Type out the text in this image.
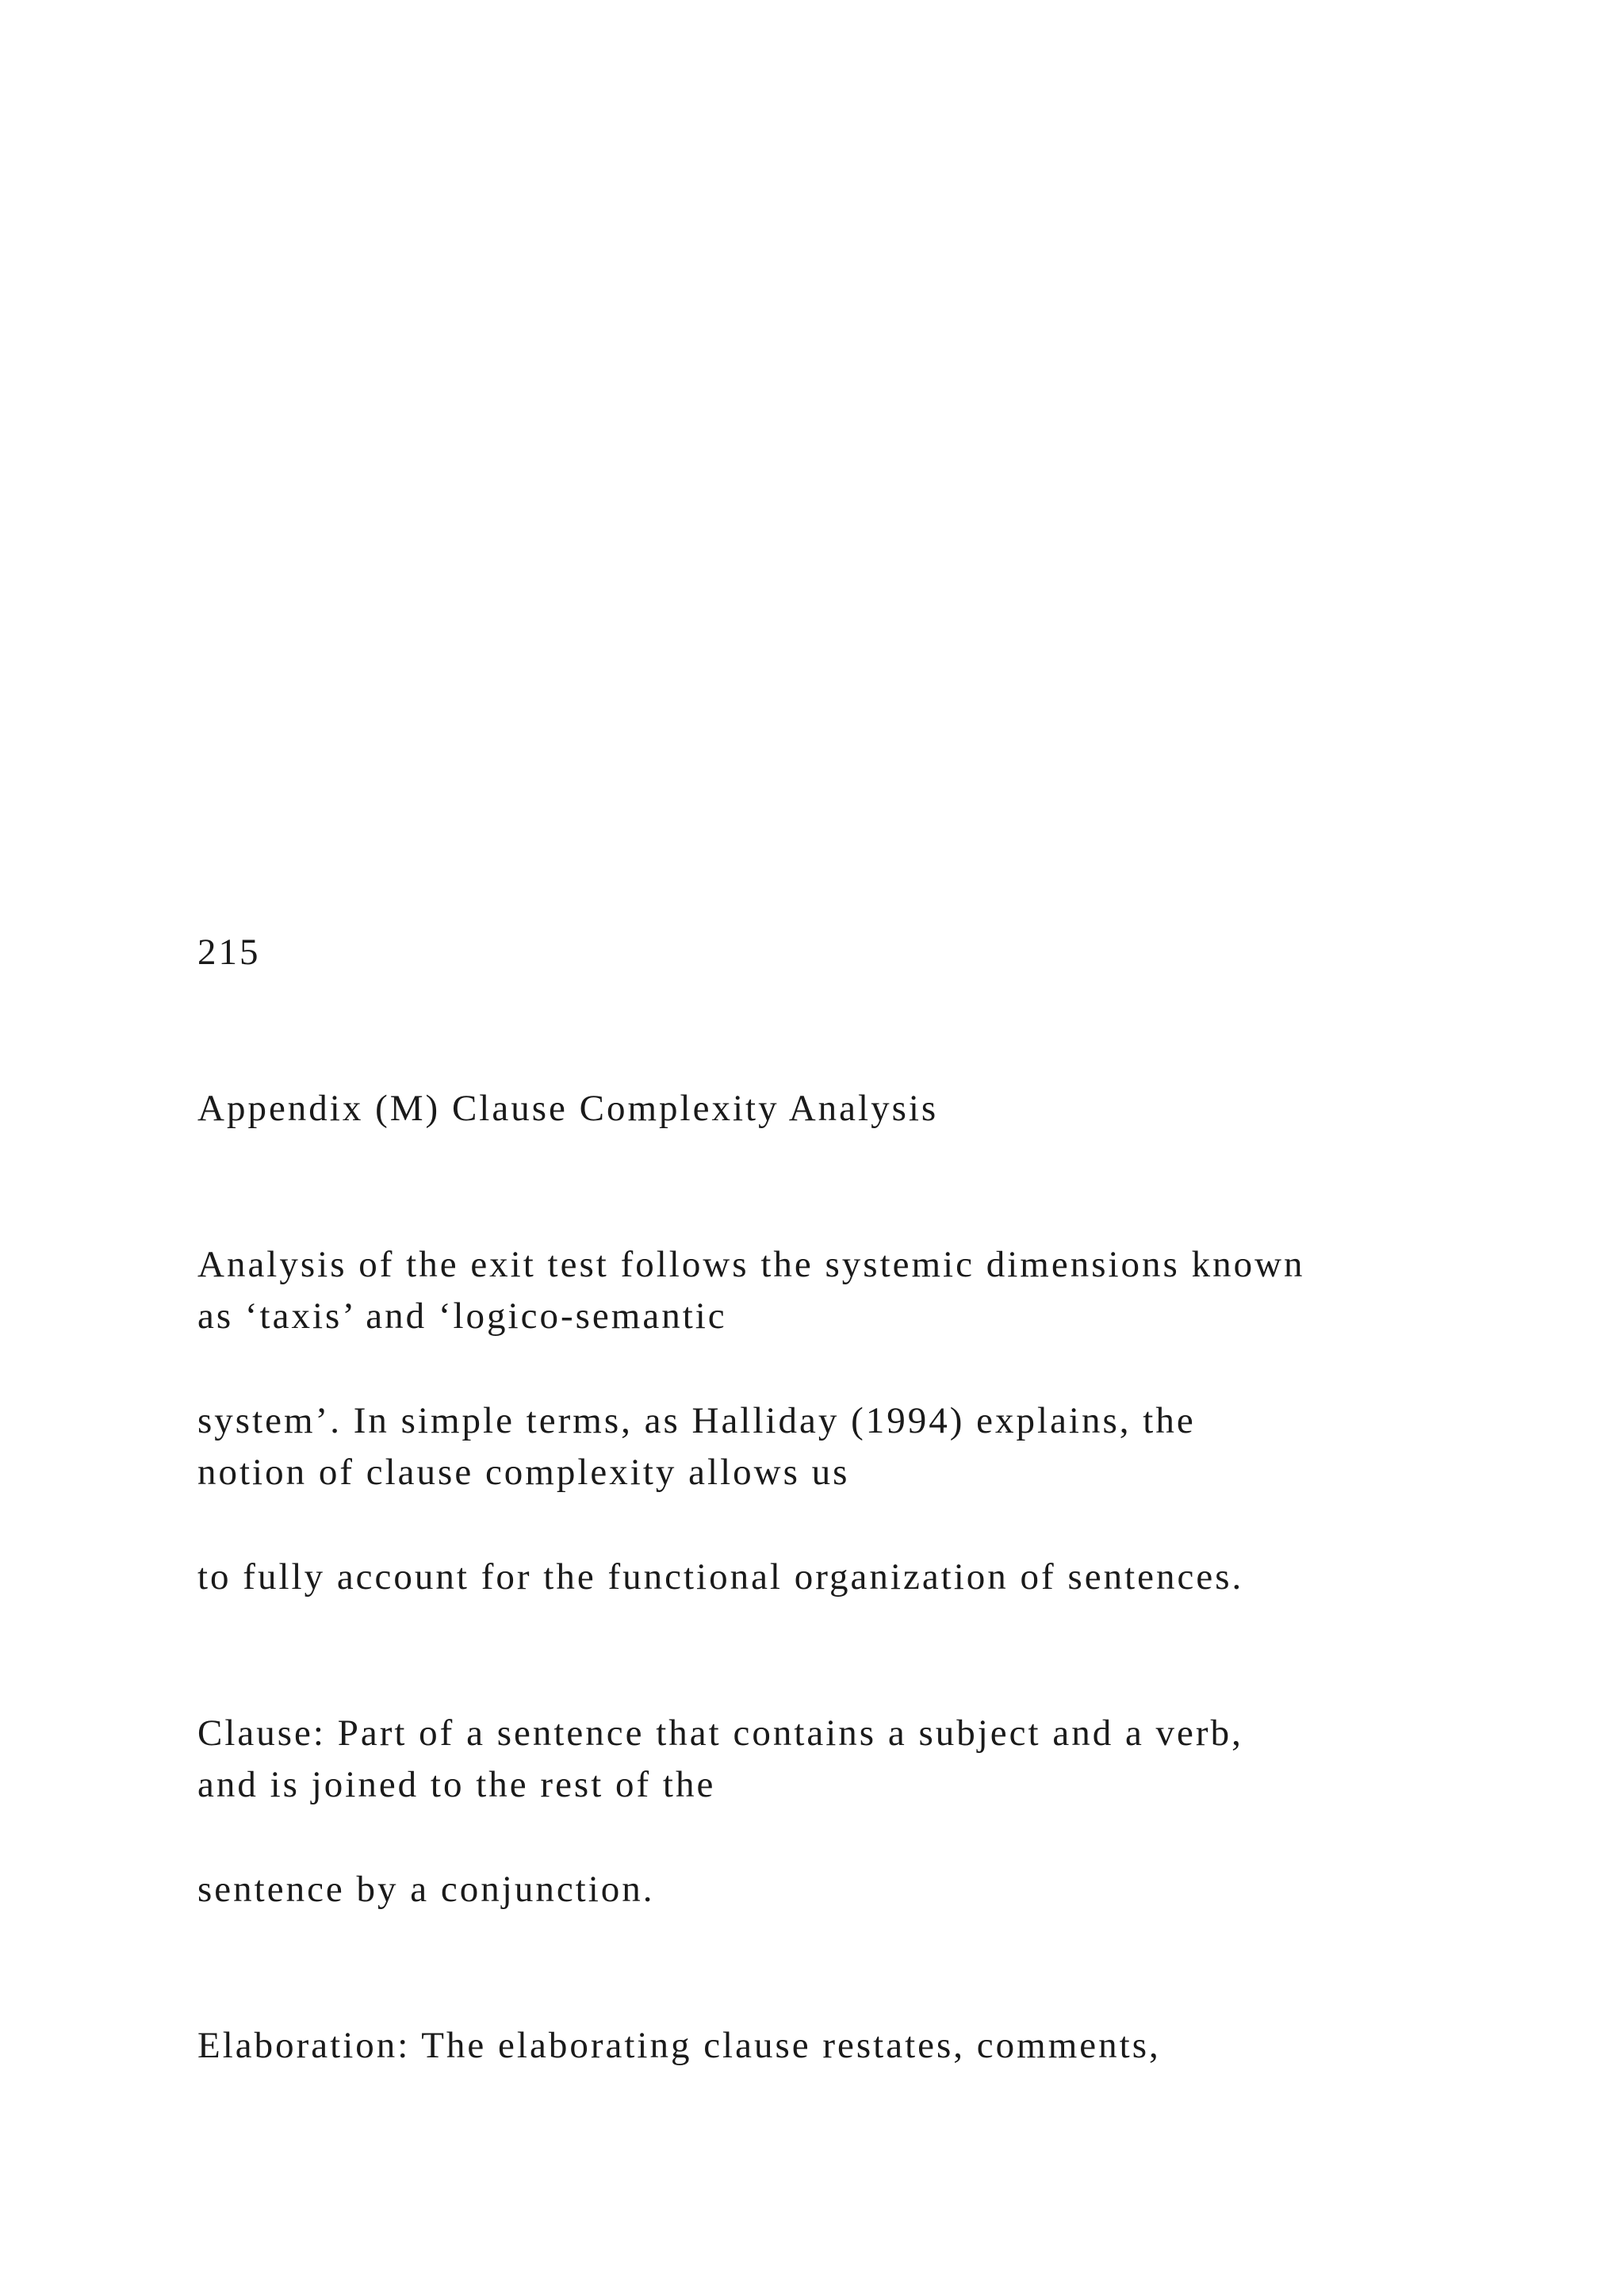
215

Appendix (M) Clause Complexity Analysis

Analysis of the exit test follows the systemic dimensions known

as ‘taxis’ and ‘logico-semantic

system’. In simple terms, as Halliday (1994) explains, the

notion of clause complexity allows us

to fully account for the functional organization of sentences.

Clause: Part of a sentence that contains a subject and a verb,

and is joined to the rest of the

sentence by a conjunction.

Elaboration: The elaborating clause restates, comments,
